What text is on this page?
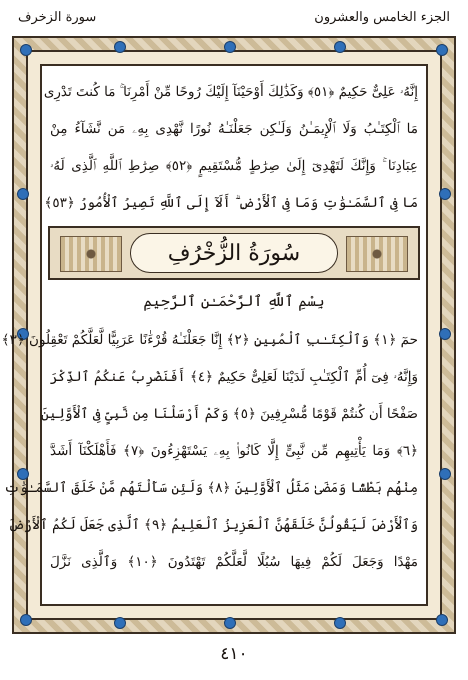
الجزء الخامس والعشرون
سورة الزخرف

إِنَّهُۥ عَلِىٌّ حَكِيمٌ ﴿٥١﴾ وَكَذَٰلِكَ أَوْحَيْنَآ إِلَيْكَ رُوحًا مِّنْ أَمْرِنَا ۚ مَا كُنتَ تَدْرِى

مَا ٱلْكِتَـٰبُ وَلَا ٱلْإِيمَـٰنُ وَلَـٰكِن جَعَلْنَـٰهُ نُورًا نَّهْدِى بِهِۦ مَن نَّشَآءُ مِنْ

عِبَادِنَا ۚ وَإِنَّكَ لَتَهْدِىٓ إِلَىٰ صِرَٰطٍ مُّسْتَقِيمٍ ﴿٥٢﴾ صِرَٰطِ ٱللَّهِ ٱلَّذِى لَهُۥ

مَا فِى ٱلسَّمَـٰوَٰتِ وَمَا فِى ٱلْأَرْضِ ۗ أَلَآ إِلَى ٱللَّهِ تَصِيرُ ٱلْأُمُورُ ﴿٥٣﴾

سُورَةُ الزُّخْرُفِ
بِسْمِ ٱللَّهِ ٱلرَّحْمَـٰنِ ٱلرَّحِيمِ

حمٓ ﴿١﴾ وَٱلْكِتَـٰبِ ٱلْمُبِينِ ﴿٢﴾ إِنَّا جَعَلْنَـٰهُ قُرْءَٰنًا عَرَبِيًّا لَّعَلَّكُمْ تَعْقِلُونَ ﴿٣﴾

وَإِنَّهُۥ فِىٓ أُمِّ ٱلْكِتَـٰبِ لَدَيْنَا لَعَلِىٌّ حَكِيمٌ ﴿٤﴾ أَفَنَضْرِبُ عَنكُمُ ٱلذِّكْرَ

صَفْحًا أَن كُنتُمْ قَوْمًا مُّسْرِفِينَ ﴿٥﴾ وَكَمْ أَرْسَلْنَا مِن نَّبِىٍّ فِى ٱلْأَوَّلِينَ

﴿٦﴾ وَمَا يَأْتِيهِم مِّن نَّبِىٍّ إِلَّا كَانُوا۟ بِهِۦ يَسْتَهْزِءُونَ ﴿٧﴾ فَأَهْلَكْنَآ أَشَدَّ

مِنْهُم بَطْشًا وَمَضَىٰ مَثَلُ ٱلْأَوَّلِينَ ﴿٨﴾ وَلَئِن سَأَلْتَهُم مَّنْ خَلَقَ ٱلسَّمَـٰوَٰتِ

وَٱلْأَرْضَ لَيَقُولُنَّ خَلَقَهُنَّ ٱلْعَزِيزُ ٱلْعَلِيمُ ﴿٩﴾ ٱلَّذِى جَعَلَ لَكُمُ ٱلْأَرْضَ

مَهْدًا وَجَعَلَ لَكُمْ فِيهَا سُبُلًا لَّعَلَّكُمْ تَهْتَدُونَ ﴿١٠﴾ وَٱلَّذِى نَزَّلَ

٤١٠
